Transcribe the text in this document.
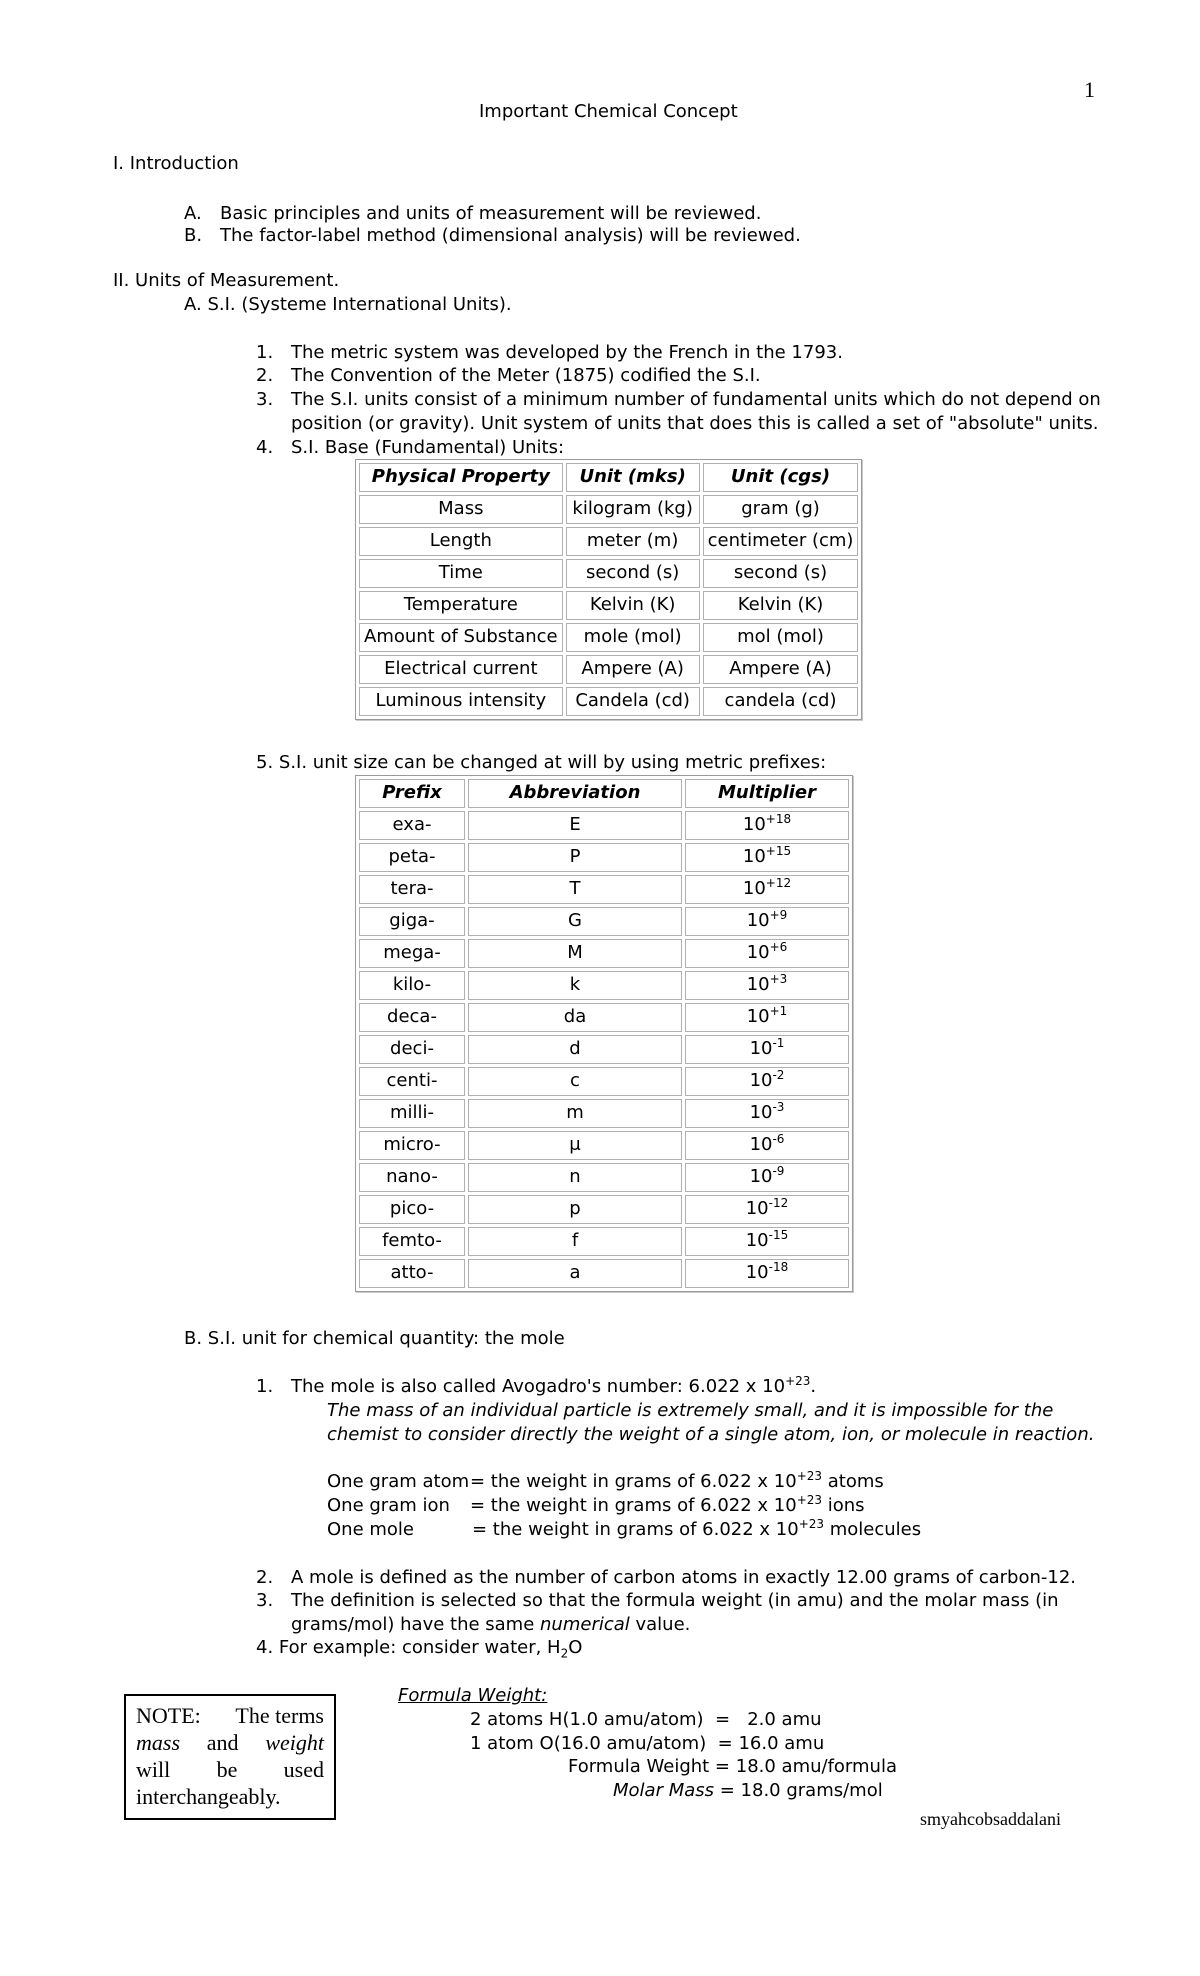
1
Important Chemical Concept
I. Introduction
A. Basic principles and units of measurement will be reviewed.
B. The factor-label method (dimensional analysis) will be reviewed.
II. Units of Measurement.
A. S.I. (Systeme International Units).
1. The metric system was developed by the French in the 1793.
2. The Convention of the Meter (1875) codified the S.I.
3. The S.I. units consist of a minimum number of fundamental units which do not depend on
position (or gravity). Unit system of units that does this is called a set of "absolute" units.
4. S.I. Base (Fundamental) Units:
Physical Property	Unit (mks)	Unit (cgs)
Mass	kilogram (kg)	gram (g)
Length	meter (m)	centimeter (cm)
Time	second (s)	second (s)
Temperature	Kelvin (K)	Kelvin (K)
Amount of Substance	mole (mol)	mol (mol)
Electrical current	Ampere (A)	Ampere (A)
Luminous intensity	Candela (cd)	candela (cd)
5. S.I. unit size can be changed at will by using metric prefixes:
Prefix	Abbreviation	Multiplier
exa-	E	$10^{+18}$
peta-	P	$10^{+15}$
tera-	T	$10^{+12}$
giga-	G	$10^{+9}$
mega-	M	$10^{+6}$
kilo-	k	$10^{+3}$
deca-	da	$10^{+1}$
deci-	d	$10^{-1}$
centi-	c	$10^{-2}$
milli-	m	$10^{-3}$
micro-	μ	$10^{-6}$
nano-	n	$10^{-9}$
pico-	p	$10^{-12}$
femto-	f	$10^{-15}$
atto-	a	$10^{-18}$
B. S.I. unit for chemical quantity: the mole
1. The mole is also called Avogadro's number: 6.022 x $10^{+23}$.
The mass of an individual particle is extremely small, and it is impossible for the
chemist to consider directly the weight of a single atom, ion, or molecule in reaction.
One gram atom = the weight in grams of 6.022 x $10^{+23}$ atoms
One gram ion = the weight in grams of 6.022 x $10^{+23}$ ions
One mole	= the weight in grams of 6.022 x $10^{+23}$ molecules
2. A mole is defined as the number of carbon atoms in exactly 12.00 grams of carbon-12.
3. The definition is selected so that the formula weight (in amu) and the molar mass (in
grams/mol) have the same numerical value.
4. For example: consider water, $H_2O$
Formula Weight:
2 atoms H(1.0 amu/atom)  =   2.0 amu
1 atom O(16.0 amu/atom)  = 16.0 amu
Formula Weight = 18.0 amu/formula
Molar Mass = 18.0 grams/mol
NOTE: The terms
mass and weight
will be used
interchangeably.
smyahcobsaddalani
